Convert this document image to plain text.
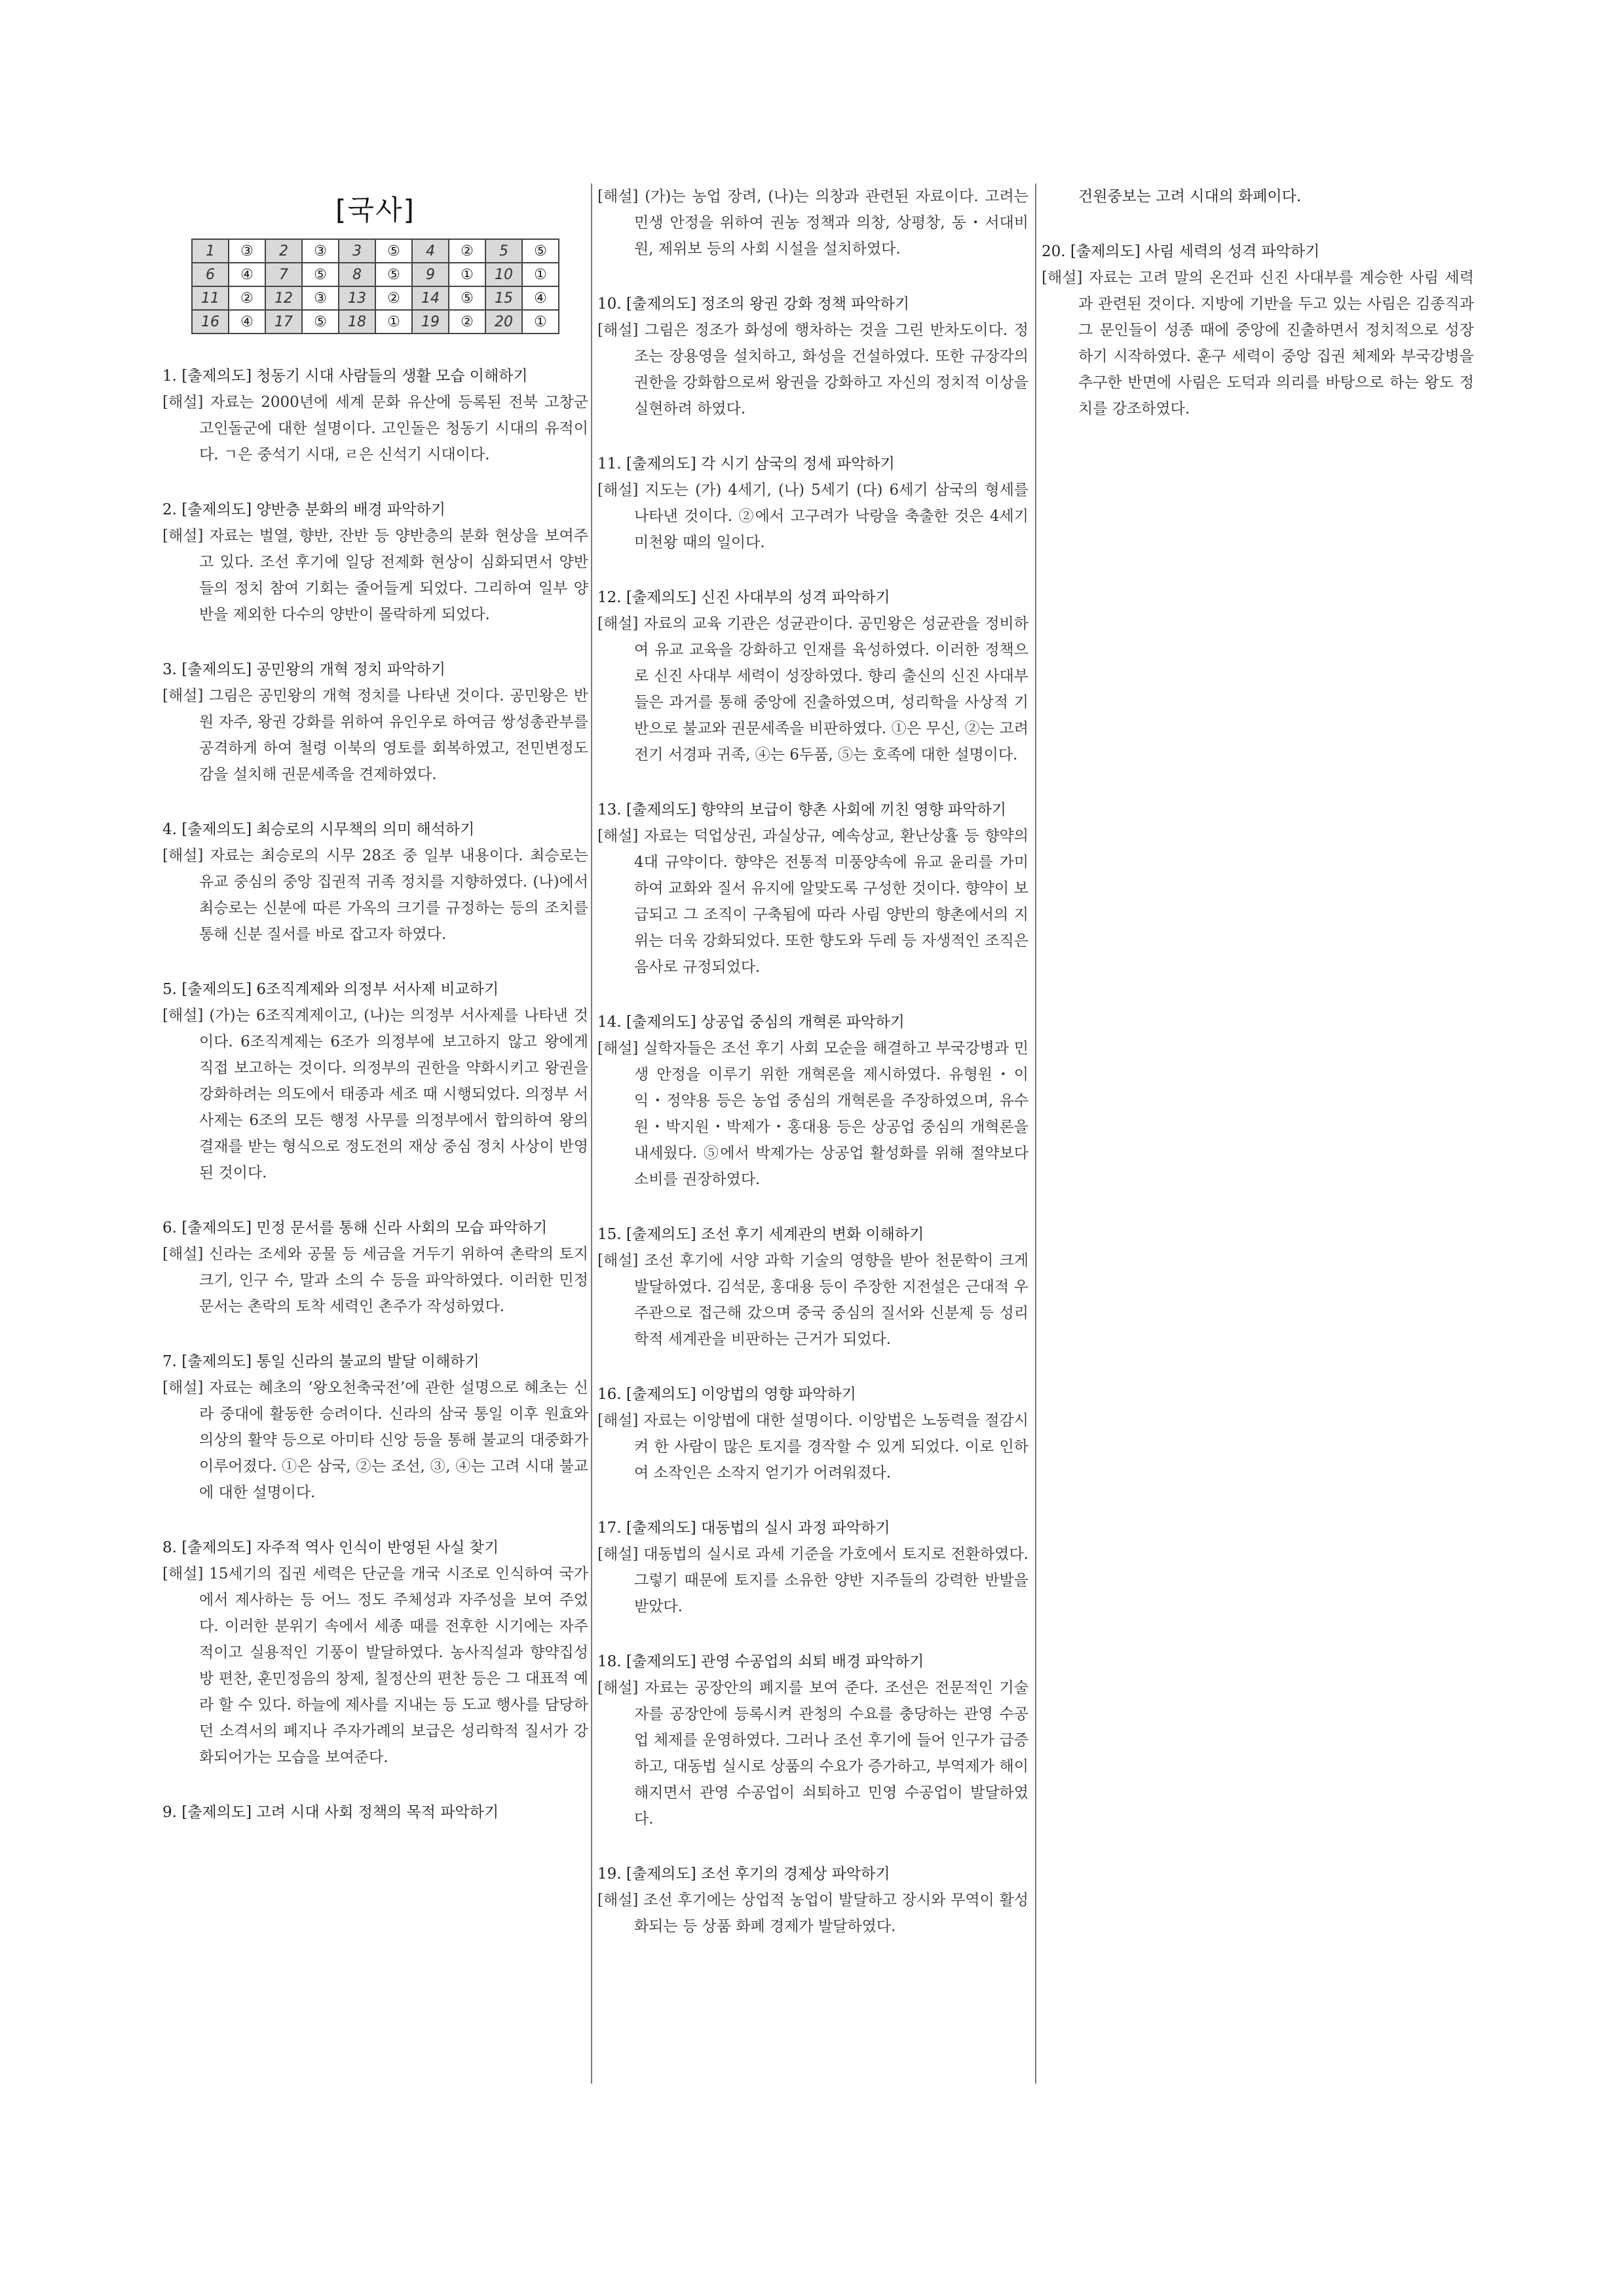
[국사]
1	③	2	③	3	⑤	4	②	5	⑤
6	④	7	⑤	8	⑤	9	①	10	①
11	②	12	③	13	②	14	⑤	15	④
16	④	17	⑤	18	①	19	②	20	①

1. [출제의도] 청동기 시대 사람들의 생활 모습 이해하기

[해설] 자료는 2000년에 세계 문화 유산에 등록된 전북 고창군 고인돌군에 대한 설명이다. 고인돌은 청동기 시대의 유적이다. ㄱ은 중석기 시대, ㄹ은 신석기 시대이다.

2. [출제의도] 양반층 분화의 배경 파악하기

[해설] 자료는 벌열, 향반, 잔반 등 양반층의 분화 현상을 보여주고 있다. 조선 후기에 일당 전제화 현상이 심화되면서 양반들의 정치 참여 기회는 줄어들게 되었다. 그리하여 일부 양반을 제외한 다수의 양반이 몰락하게 되었다.

3. [출제의도] 공민왕의 개혁 정치 파악하기

[해설] 그림은 공민왕의 개혁 정치를 나타낸 것이다. 공민왕은 반원 자주, 왕권 강화를 위하여 유인우로 하여금 쌍성총관부를 공격하게 하여 철령 이북의 영토를 회복하였고, 전민변정도감을 설치해 권문세족을 견제하였다.

4. [출제의도] 최승로의 시무책의 의미 해석하기

[해설] 자료는 최승로의 시무 28조 중 일부 내용이다. 최승로는 유교 중심의 중앙 집권적 귀족 정치를 지향하였다. (나)에서 최승로는 신분에 따른 가옥의 크기를 규정하는 등의 조치를 통해 신분 질서를 바로 잡고자 하였다.

5. [출제의도] 6조직계제와 의정부 서사제 비교하기

[해설] (가)는 6조직계제이고, (나)는 의정부 서사제를 나타낸 것이다. 6조직계제는 6조가 의정부에 보고하지 않고 왕에게 직접 보고하는 것이다. 의정부의 권한을 약화시키고 왕권을 강화하려는 의도에서 태종과 세조 때 시행되었다. 의정부 서사제는 6조의 모든 행정 사무를 의정부에서 합의하여 왕의 결재를 받는 형식으로 정도전의 재상 중심 정치 사상이 반영된 것이다.

6. [출제의도] 민정 문서를 통해 신라 사회의 모습 파악하기

[해설] 신라는 조세와 공물 등 세금을 거두기 위하여 촌락의 토지 크기, 인구 수, 말과 소의 수 등을 파악하였다. 이러한 민정 문서는 촌락의 토착 세력인 촌주가 작성하였다.

7. [출제의도] 통일 신라의 불교의 발달 이해하기

[해설] 자료는 혜초의 ‘왕오천축국전’에 관한 설명으로 혜초는 신라 중대에 활동한 승려이다. 신라의 삼국 통일 이후 원효와 의상의 활약 등으로 아미타 신앙 등을 통해 불교의 대중화가 이루어졌다. ①은 삼국, ②는 조선, ③, ④는 고려 시대 불교에 대한 설명이다.

8. [출제의도] 자주적 역사 인식이 반영된 사실 찾기

[해설] 15세기의 집권 세력은 단군을 개국 시조로 인식하여 국가에서 제사하는 등 어느 정도 주체성과 자주성을 보여 주었다. 이러한 분위기 속에서 세종 때를 전후한 시기에는 자주적이고 실용적인 기풍이 발달하였다. 농사직설과 향약집성방 편찬, 훈민정음의 창제, 칠정산의 편찬 등은 그 대표적 예라 할 수 있다. 하늘에 제사를 지내는 등 도교 행사를 담당하던 소격서의 폐지나 주자가례의 보급은 성리학적 질서가 강화되어가는 모습을 보여준다.

9. [출제의도] 고려 시대 사회 정책의 목적 파악하기

[해설] (가)는 농업 장려, (나)는 의창과 관련된 자료이다. 고려는 민생 안정을 위하여 권농 정책과 의창, 상평창, 동・서대비원, 제위보 등의 사회 시설을 설치하였다.

10. [출제의도] 정조의 왕권 강화 정책 파악하기

[해설] 그림은 정조가 화성에 행차하는 것을 그린 반차도이다. 정조는 장용영을 설치하고, 화성을 건설하였다. 또한 규장각의 권한을 강화함으로써 왕권을 강화하고 자신의 정치적 이상을 실현하려 하였다.

11. [출제의도] 각 시기 삼국의 정세 파악하기

[해설] 지도는 (가) 4세기, (나) 5세기 (다) 6세기 삼국의 형세를 나타낸 것이다. ②에서 고구려가 낙랑을 축출한 것은 4세기 미천왕 때의 일이다.

12. [출제의도] 신진 사대부의 성격 파악하기

[해설] 자료의 교육 기관은 성균관이다. 공민왕은 성균관을 정비하여 유교 교육을 강화하고 인재를 육성하였다. 이러한 정책으로 신진 사대부 세력이 성장하였다. 향리 출신의 신진 사대부들은 과거를 통해 중앙에 진출하였으며, 성리학을 사상적 기반으로 불교와 권문세족을 비판하였다. ①은 무신, ②는 고려 전기 서경파 귀족, ④는 6두품, ⑤는 호족에 대한 설명이다.

13. [출제의도] 향약의 보급이 향촌 사회에 끼친 영향 파악하기

[해설] 자료는 덕업상권, 과실상규, 예속상교, 환난상휼 등 향약의 4대 규약이다. 향약은 전통적 미풍양속에 유교 윤리를 가미하여 교화와 질서 유지에 알맞도록 구성한 것이다. 향약이 보급되고 그 조직이 구축됨에 따라 사림 양반의 향촌에서의 지위는 더욱 강화되었다. 또한 향도와 두레 등 자생적인 조직은 음사로 규정되었다.

14. [출제의도] 상공업 중심의 개혁론 파악하기

[해설] 실학자들은 조선 후기 사회 모순을 해결하고 부국강병과 민생 안정을 이루기 위한 개혁론을 제시하였다. 유형원・이익・정약용 등은 농업 중심의 개혁론을 주장하였으며, 유수원・박지원・박제가・홍대용 등은 상공업 중심의 개혁론을 내세웠다. ⑤에서 박제가는 상공업 활성화를 위해 절약보다 소비를 권장하였다.

15. [출제의도] 조선 후기 세계관의 변화 이해하기

[해설] 조선 후기에 서양 과학 기술의 영향을 받아 천문학이 크게 발달하였다. 김석문, 홍대용 등이 주장한 지전설은 근대적 우주관으로 접근해 갔으며 중국 중심의 질서와 신분제 등 성리학적 세계관을 비판하는 근거가 되었다.

16. [출제의도] 이앙법의 영향 파악하기

[해설] 자료는 이앙법에 대한 설명이다. 이앙법은 노동력을 절감시켜 한 사람이 많은 토지를 경작할 수 있게 되었다. 이로 인하여 소작인은 소작지 얻기가 어려워졌다.

17. [출제의도] 대동법의 실시 과정 파악하기

[해설] 대동법의 실시로 과세 기준을 가호에서 토지로 전환하였다. 그렇기 때문에 토지를 소유한 양반 지주들의 강력한 반발을 받았다.

18. [출제의도] 관영 수공업의 쇠퇴 배경 파악하기

[해설] 자료는 공장안의 폐지를 보여 준다. 조선은 전문적인 기술자를 공장안에 등록시켜 관청의 수요를 충당하는 관영 수공업 체제를 운영하였다. 그러나 조선 후기에 들어 인구가 급증하고, 대동법 실시로 상품의 수요가 증가하고, 부역제가 해이해지면서 관영 수공업이 쇠퇴하고 민영 수공업이 발달하였다.

19. [출제의도] 조선 후기의 경제상 파악하기

[해설] 조선 후기에는 상업적 농업이 발달하고 장시와 무역이 활성화되는 등 상품 화폐 경제가 발달하였다.

건원중보는 고려 시대의 화폐이다.

20. [출제의도] 사림 세력의 성격 파악하기

[해설] 자료는 고려 말의 온건파 신진 사대부를 계승한 사림 세력과 관련된 것이다. 지방에 기반을 두고 있는 사림은 김종직과 그 문인들이 성종 때에 중앙에 진출하면서 정치적으로 성장하기 시작하였다. 훈구 세력이 중앙 집권 체제와 부국강병을 추구한 반면에 사림은 도덕과 의리를 바탕으로 하는 왕도 정치를 강조하였다.
